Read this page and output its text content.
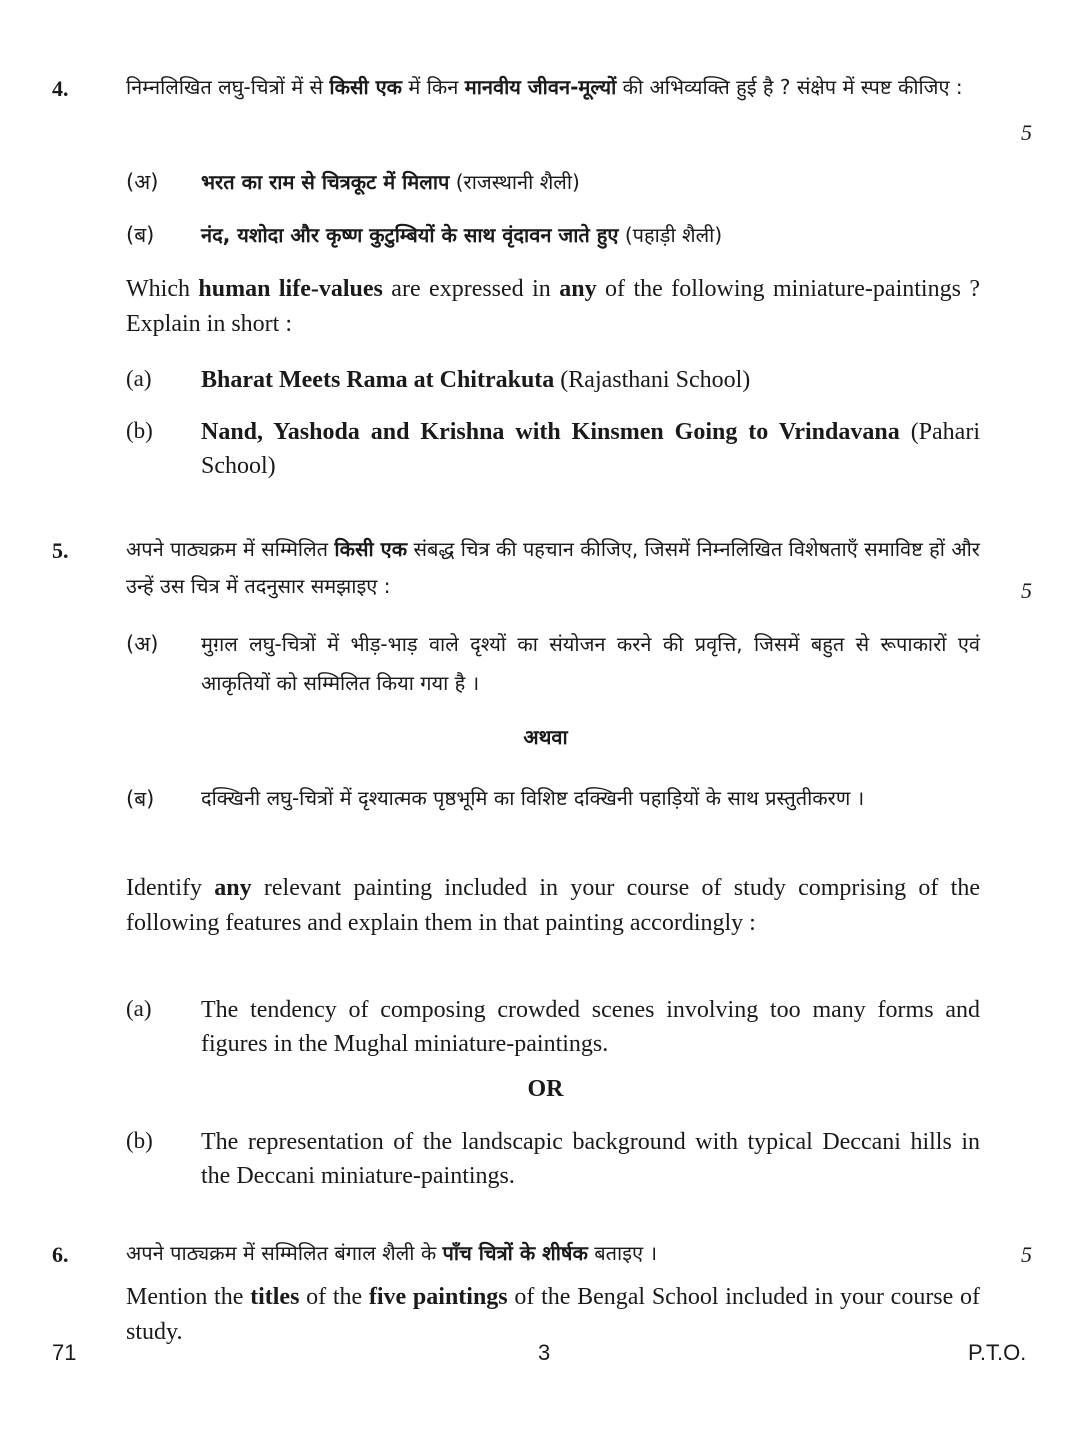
4.
5
निम्नलिखित लघु-चित्रों में से किसी एक में किन मानवीय जीवन-मूल्यों की अभिव्यक्ति हुई है ? संक्षेप में स्पष्ट कीजिए :
(अ) भरत का राम से चित्रकूट में मिलाप (राजस्थानी शैली)
(ब) नंद, यशोदा और कृष्ण कुटुम्बियों के साथ वृंदावन जाते हुए (पहाड़ी शैली)
Which human life-values are expressed in any of the following miniature-paintings ? Explain in short :
(a) Bharat Meets Rama at Chitrakuta (Rajasthani School)
(b) Nand, Yashoda and Krishna with Kinsmen Going to Vrindavana (Pahari School)
5.
5
अपने पाठ्यक्रम में सम्मिलित किसी एक संबद्ध चित्र की पहचान कीजिए, जिसमें निम्नलिखित विशेषताएँ समाविष्ट हों और उन्हें उस चित्र में तदनुसार समझाइए :
(अ) मुग़ल लघु-चित्रों में भीड़-भाड़ वाले दृश्यों का संयोजन करने की प्रवृत्ति, जिसमें बहुत से रूपाकारों एवं आकृतियों को सम्मिलित किया गया है ।
अथवा
(ब) दक्खिनी लघु-चित्रों में दृश्यात्मक पृष्ठभूमि का विशिष्ट दक्खिनी पहाड़ियों के साथ प्रस्तुतीकरण ।
Identify any relevant painting included in your course of study comprising of the following features and explain them in that painting accordingly :
(a) The tendency of composing crowded scenes involving too many forms and figures in the Mughal miniature-paintings.
OR
(b) The representation of the landscapic background with typical Deccani hills in the Deccani miniature-paintings.
6.	5
अपने पाठ्यक्रम में सम्मिलित बंगाल शैली के पाँच चित्रों के शीर्षक बताइए ।
Mention the titles of the five paintings of the Bengal School included in your course of study.
71	3	P.T.O.
